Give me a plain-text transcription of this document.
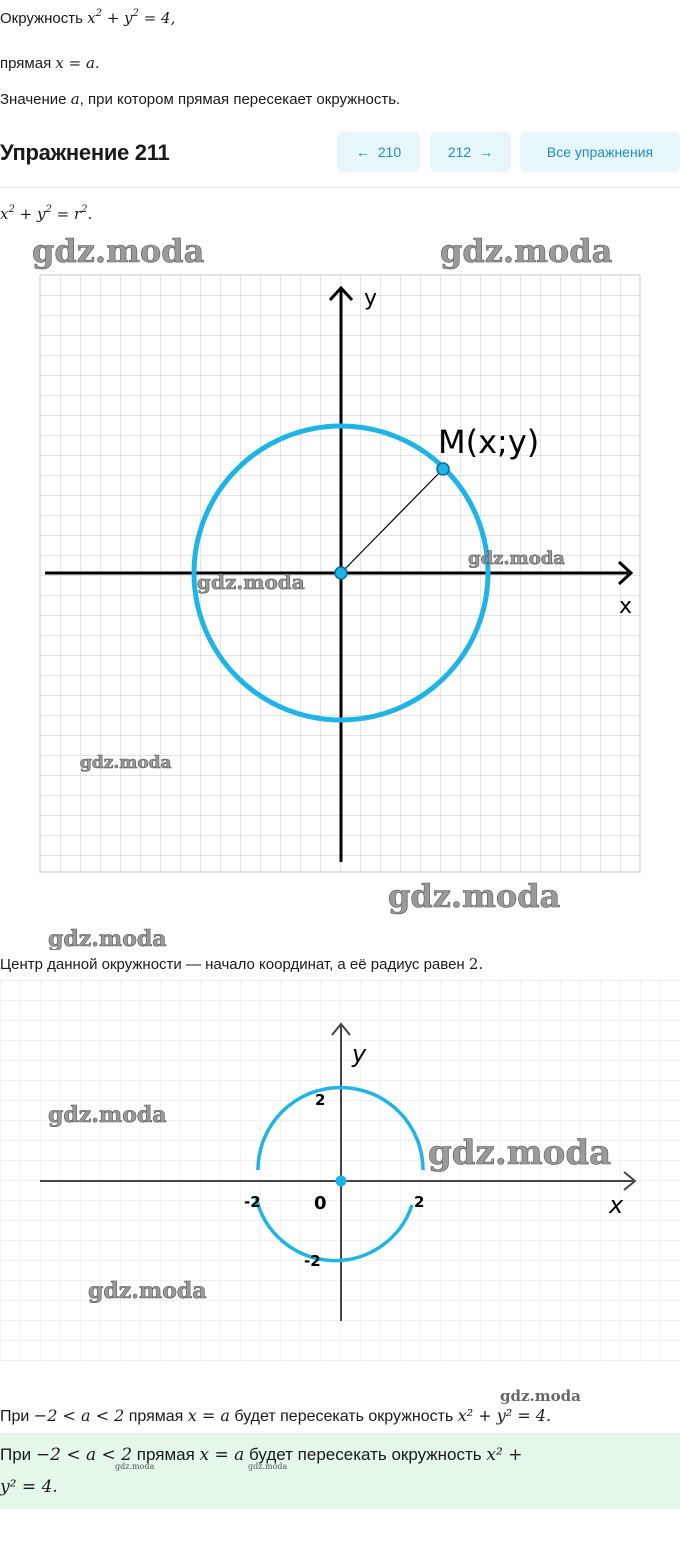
Окружность $x^2 + y^2 = 4$,
прямая x = a.
Значение a, при котором прямая пересекает окружность.
Упражнение 211	← 210	212 →	Все упражнения
$x^2 + y^2 = r^2$.
y
x
M(x;y)
gdz.moda	gdz.moda
gdz.moda
gdz.moda
gdz.moda
gdz.moda
gdz.moda
Центр данной окружности — начало координат, а её радиус равен 2.
y
x
0
2
-2
-2	2
gdz.moda
gdz.moda
gdz.moda
gdz.moda
При −2 < a < 2 прямая x = a будет пересекать окружность x² + y² = 4.
При −2 < a < 2 прямая x = a будет пересекать окружность x² +
y² = 4.
gdz.moda	gdz.moda
